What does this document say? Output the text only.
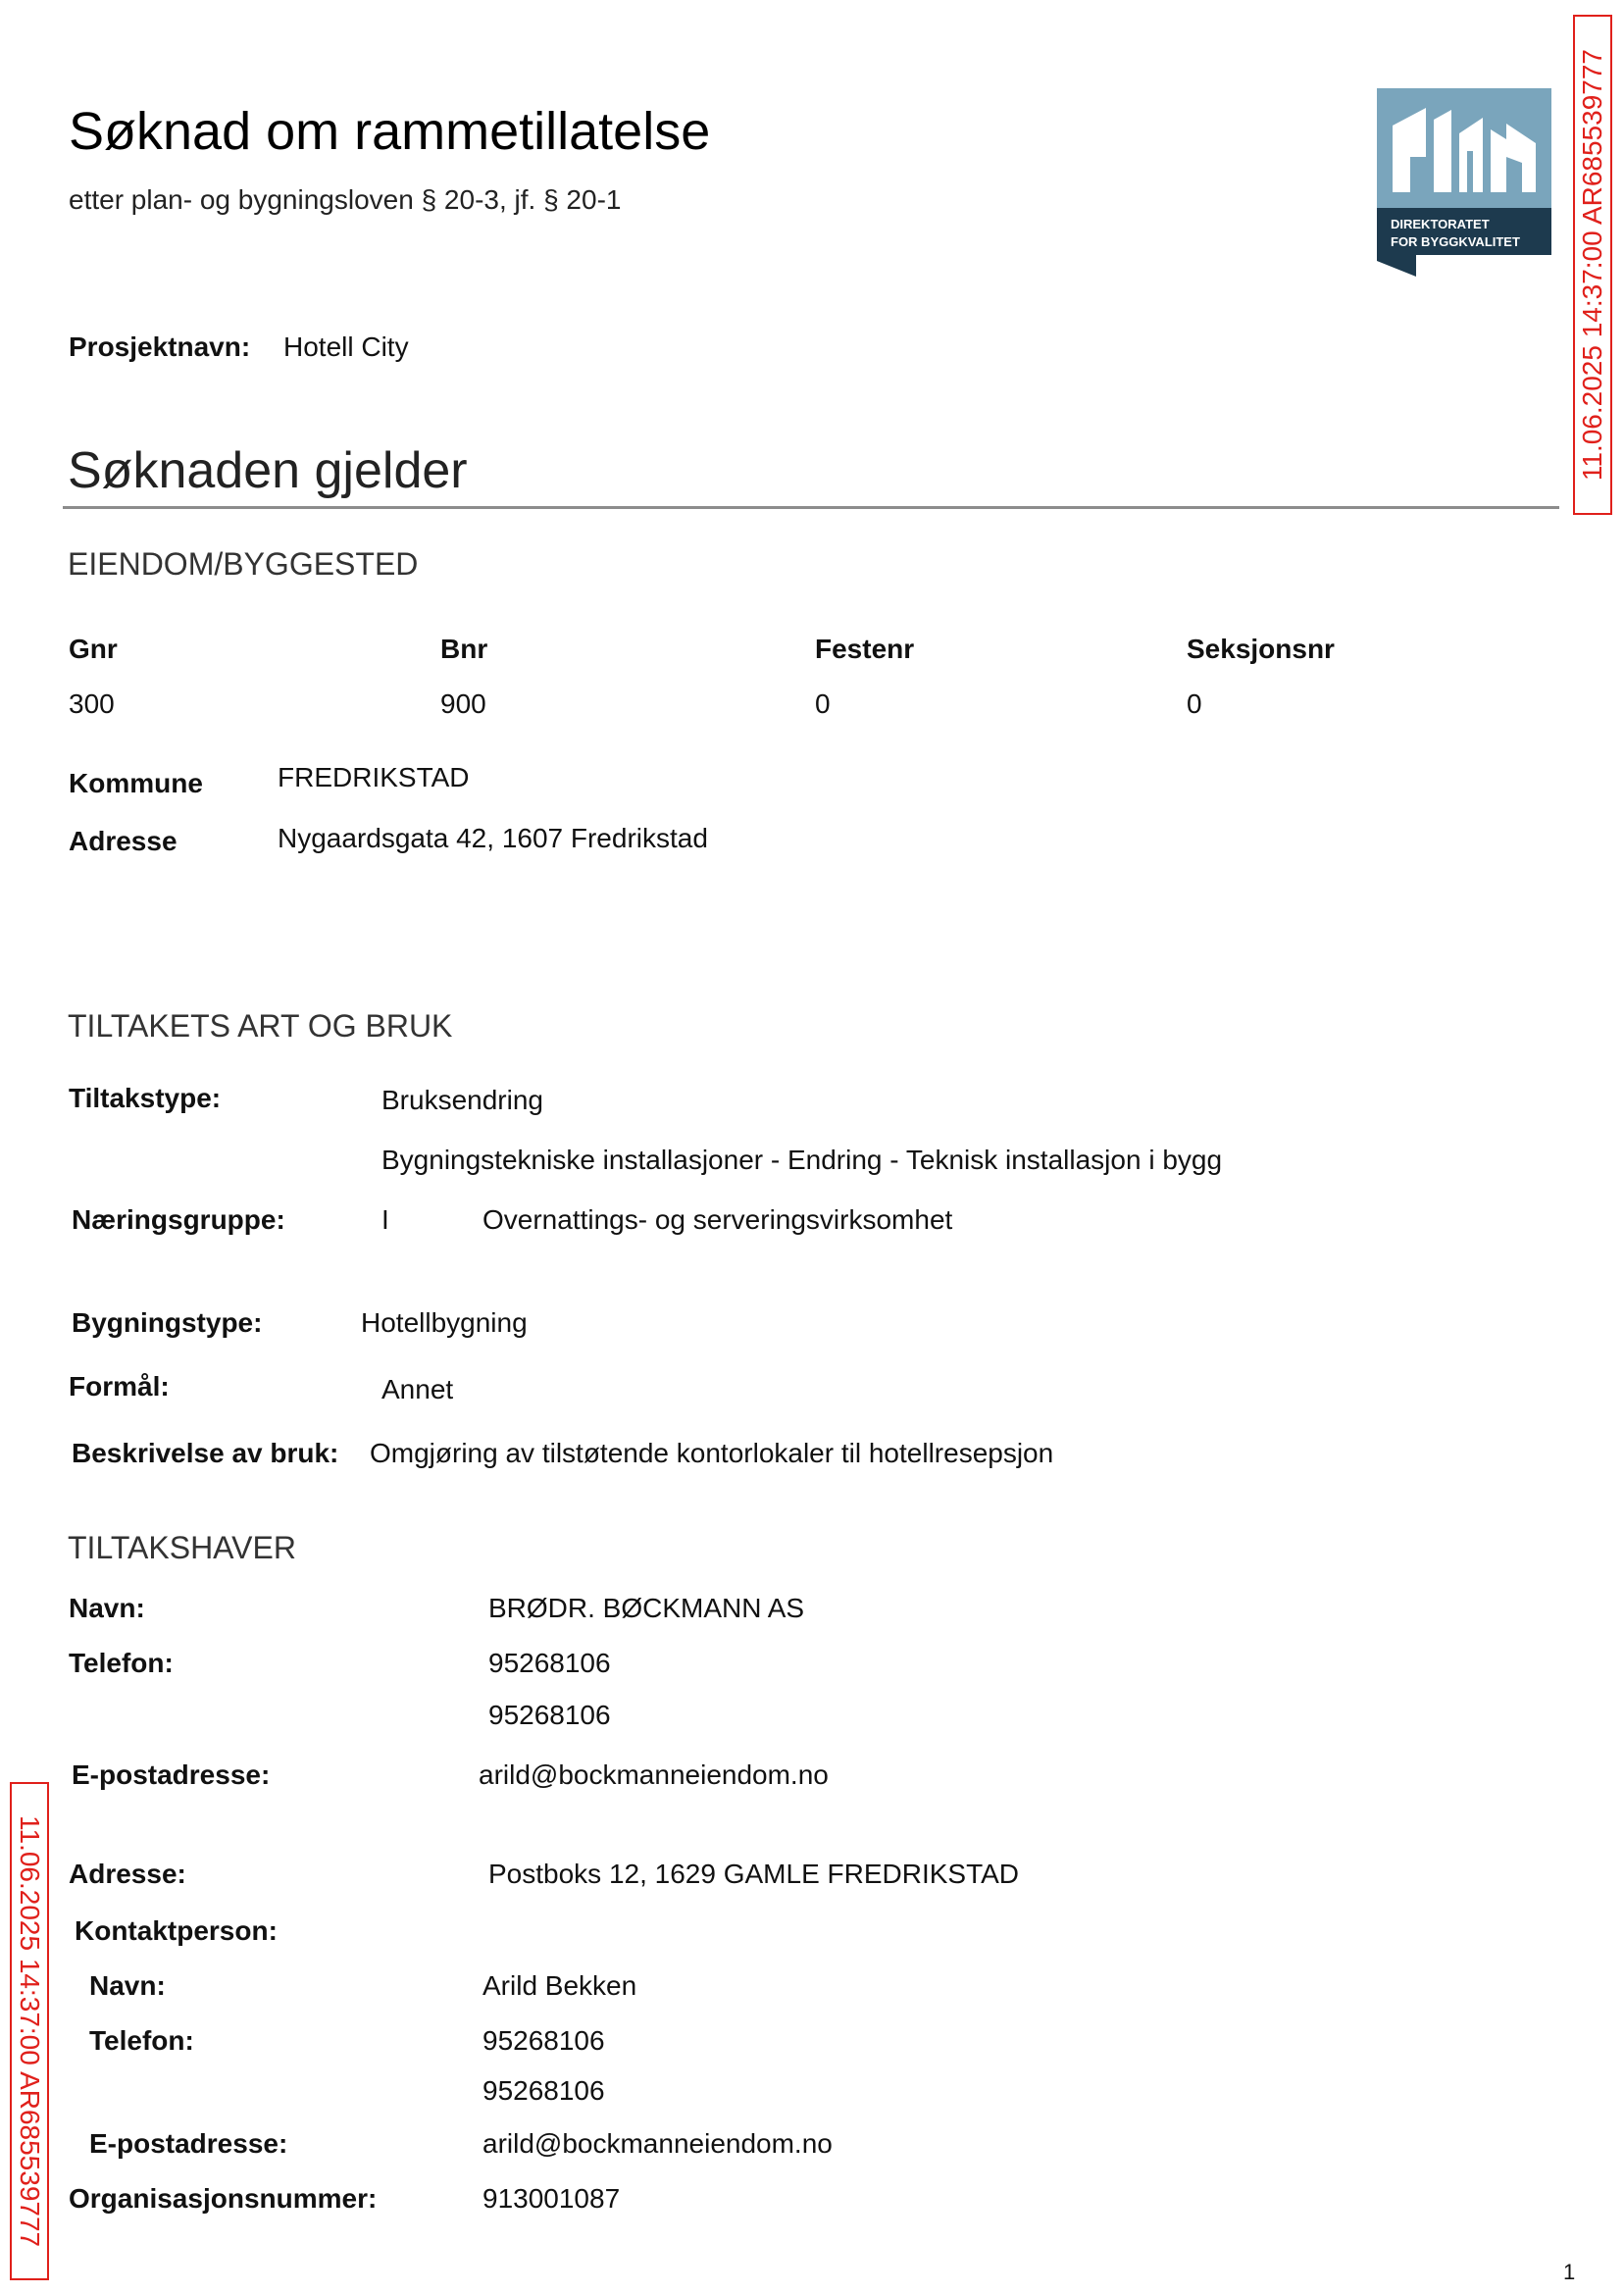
Søknad om rammetillatelse
etter plan- og bygningsloven § 20-3, jf. § 20-1
DIREKTORATET
FOR BYGGKVALITET 11.06.2025 14:37:00 AR685539777
Prosjektnavn: Hotell City
Søknaden gjelder
EIENDOM/BYGGESTED
Gnr	Bnr	Festenr	Seksjonsnr
300	900	0	0
Kommune	FREDRIKSTAD
Adresse	Nygaardsgata 42, 1607 Fredrikstad
TILTAKETS ART OG BRUK
Tiltakstype:	Bruksendring
Bygningstekniske installasjoner - Endring - Teknisk installasjon i bygg
Næringsgruppe:	I	Overnattings- og serveringsvirksomhet
Bygningstype:	Hotellbygning
Formål:	Annet
Beskrivelse av bruk: Omgjøring av tilstøtende kontorlokaler til hotellresepsjon
TILTAKSHAVER
Navn:	BRØDR. BØCKMANN AS
Telefon:	95268106
95268106
E-postadresse:	arild@bockmanneiendom.no
Adresse:	Postboks 12, 1629 GAMLE FREDRIKSTAD
Kontaktperson:
Navn:	Arild Bekken
Telefon:	95268106
95268106
E-postadresse:	arild@bockmanneiendom.no
Organisasjonsnummer:	913001087
11.06.2025 14:37:00 AR685539777
1
